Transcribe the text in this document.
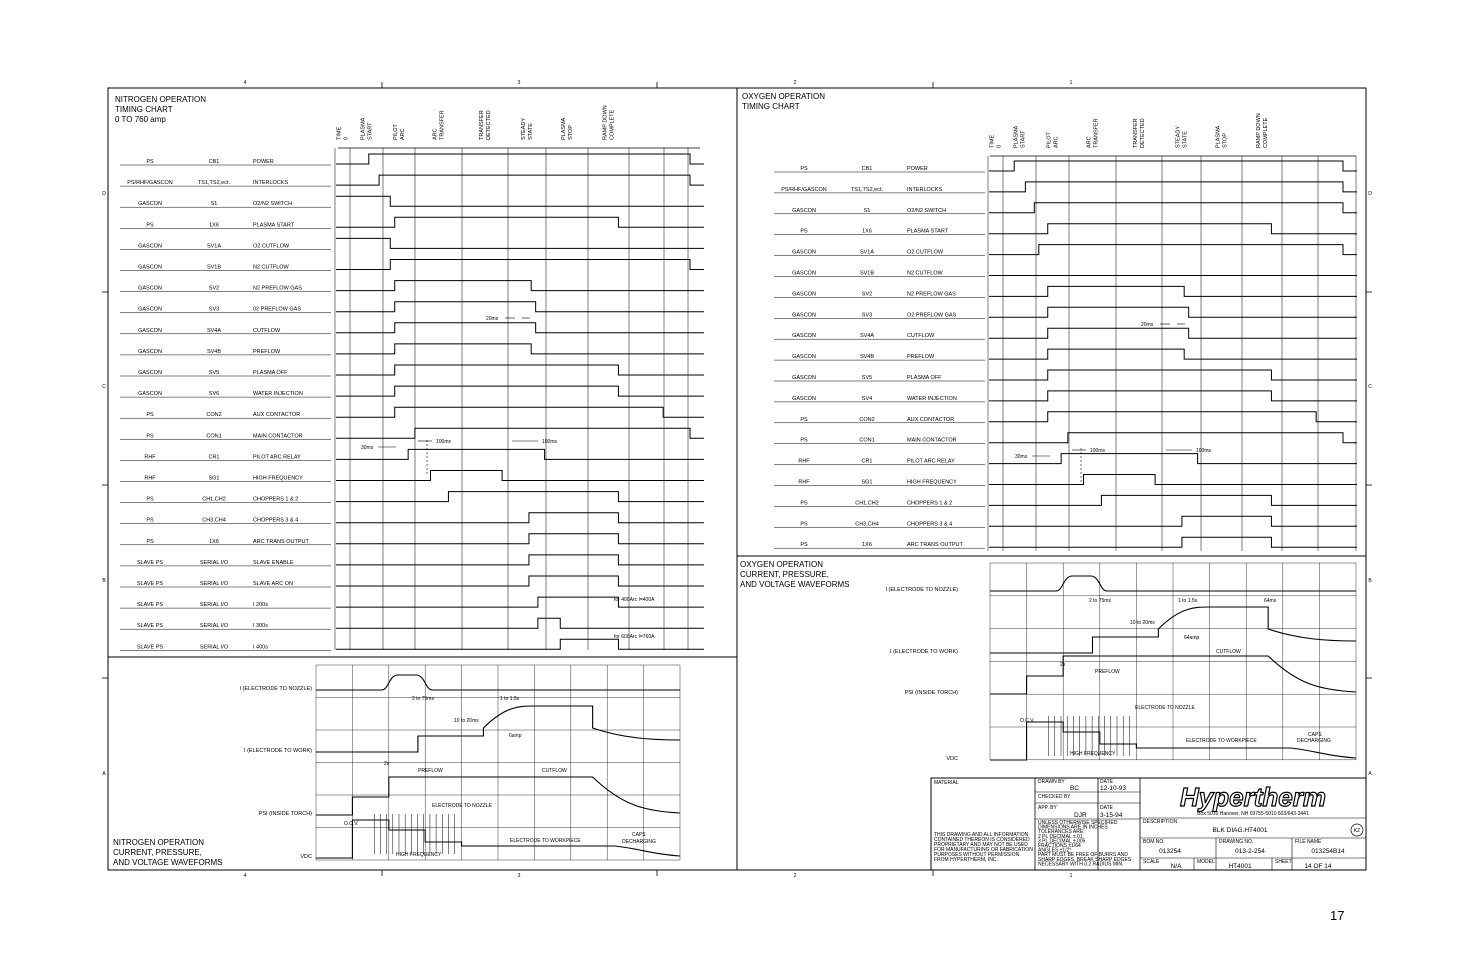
4
4
3
3
2
2
1
1
D	D
C	C
B	B
A	A
NITROGEN OPERATION
TIMING CHART
0 TO 760 amp
TIME 0 PLASMA START	PILOT ARC	ARC TRANSFER	TRANSFER DETECTED	STEADY STATE	PLASMA STOP	RAMP DOWN COMPLETE
PS	CB1	POWER
PS/RHF/GASCON	TS1,TS2,ect.	INTERLOCKS
GASCON	S1	O2/N2 SWITCH
PS	1X6	PLASMA START
GASCON	SV1A	O2 CUTFLOW
GASCON	SV1B	N2 CUTFLOW
GASCON	SV2	N2 PREFLOW GAS
GASCON	SV3	02 PREFLOW GAS
GASCON	SV4A	CUTFLOW
GASCON	SV4B	PREFLOW
GASCON	SV5	PLASMA OFF
GASCON	SV6	WATER INJECTION
PS	CON2	AUX CONTACTOR
PS	CON1	MAIN CONTACTOR
RHF	CR1	PILOT ARC RELAY
RHF	SG1	HIGH FREQUENCY
PS	CH1,CH2	CHOPPERS 1 & 2
PS	CH3,CH4	CHOPPERS 3 & 4
PS	1X6	ARC TRANS OUTPUT
SLAVE PS	SERIAL I/O	SLAVE ENABLE
SLAVE PS	SERIAL I/O	SLAVE ARC ON
SLAVE PS	SERIAL I/O	I 200s
SLAVE PS	SERIAL I/O	I 300s
SLAVE PS	SERIAL I/O	I 400s
20ms
30ms
100ms	100ms
for 400Arc I=400A
for 600Arc I=760A
OXYGEN OPERATION
TIMING CHART
TIME 0 PLASMA START	PILOT ARC	ARC TRANSFER	TRANSFER DETECTED	STEADY STATE	PLASMA STOP	RAMP DOWN COMPLETE
PS	CB1	POWER
PS/RHF/GASCON	TS1,TS2,ect.	INTERLOCKS
GASCON	S1	O2/N2 SWITCH
PS	1X6	PLASMA START
GASCON	SV1A	O2 CUTFLOW
GASCON	SV1B	N2 CUTFLOW
GASCON	SV2	N2 PREFLOW GAS
GASCON	SV3	O2 PREFLOW GAS
GASCON	SV4A	CUTFLOW
GASCON	SV4B	PREFLOW
GASCON	SV5	PLASMA OFF
GASCON	SV4	WATER INJECTION
PS	CON2	AUX CONTACTOR
PS	CON1	MAIN CONTACTOR
RHF	CR1	PILOT ARC RELAY
RHF	SG1	HIGH FREQUENCY
PS	CH1,CH2	CHOPPERS 1 & 2
PS	CH3,CH4	CHOPPERS 3 & 4
PS	1X6	ARC TRANS OUTPUT
20ms
30ms
100ms	100ms
NITROGEN OPERATION
CURRENT, PRESSURE,
AND VOLTAGE WAVEFORMS
I (ELECTRODE TO NOZZLE)
I (ELECTRODE TO WORK)
PSI (INSIDE TORCH)
VDC
2 to 75ms	1 to 1.5s
10 to 20ms
6amp
2s
PREFLOW	CUTFLOW
ELECTRODE TO NOZZLE
ELECTRODE TO WORKPIECE
HIGH FREQUENCY
O.C.V.
CAPS
DECHARGING
OXYGEN OPERATION
CURRENT, PRESSURE,
AND VOLTAGE WAVEFORMS
I (ELECTRODE TO NOZZLE)
I (ELECTRODE TO WORK)
PSI (INSIDE TORCH)
VDC
2 to 75ms	1 to 1.5s
10 to 20ms
64amp
64ms
2s
PREFLOW
CUTFLOW
ELECTRODE TO NOZZLE
ELECTRODE TO WORKPIECE
HIGH FREQUENCY
O.C.V.
CAPS
DECHARGING
MATERIAL	DRAWN BY
BC
DATE
12-10-93
CHECKED BY
APP. BY
DJR
DATE
3-15-94
UNLESS OTHERWISE SPECIFIED
DIMENSIONS ARE IN INCHES
TOLERANCES ARE:
2 PL DECIMAL ±.01
3 PL DECIMAL ±.005
FRACTIONS ±1/64
ANGLES ±1/2°
PART MUST BE FREE OF BURRS AND
SHARP EDGES. BREAK SHARP EDGES
NECESSARY WITH 0.2 RADIUS MIN.
THIS DRAWING AND ALL INFORMATION
CONTAINED THEREON IS CONSIDERED
PROPRIETARY AND MAY NOT BE USED
FOR MANUFACTURING OR FABRICATION
PURPOSES WITHOUT PERMISSION
FROM HYPERTHERM, INC.
Hypertherm
Box 5010 Hanover, NH 03755-5010 603/643-3441
DESCRIPTION
BLK DIAG.HT4001	KZ
BOM NO.
013254
DRAWING NO.
013-2-254
FILE NAME
013254B14
SCALE
N/A
MODEL
HT4001
SHEET
14 OF 14
17
